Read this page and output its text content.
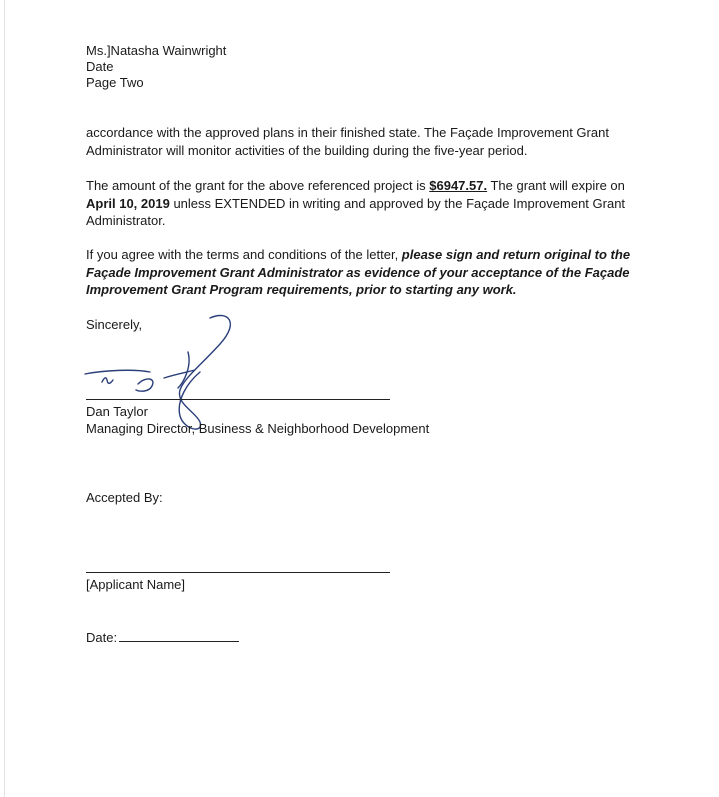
Ms.]Natasha Wainwright
Date
Page Two
accordance with the approved plans in their finished state. The Façade Improvement Grant Administrator will monitor activities of the building during the five-year period.
The amount of the grant for the above referenced project is $6947.57. The grant will expire on April 10, 2019 unless EXTENDED in writing and approved by the Façade Improvement Grant Administrator.
If you agree with the terms and conditions of the letter, please sign and return original to the Façade Improvement Grant Administrator as evidence of your acceptance of the Façade Improvement Grant Program requirements, prior to starting any work.
Sincerely,
Dan Taylor
Managing Director, Business & Neighborhood Development
Accepted By:
[Applicant Name]
Date:
